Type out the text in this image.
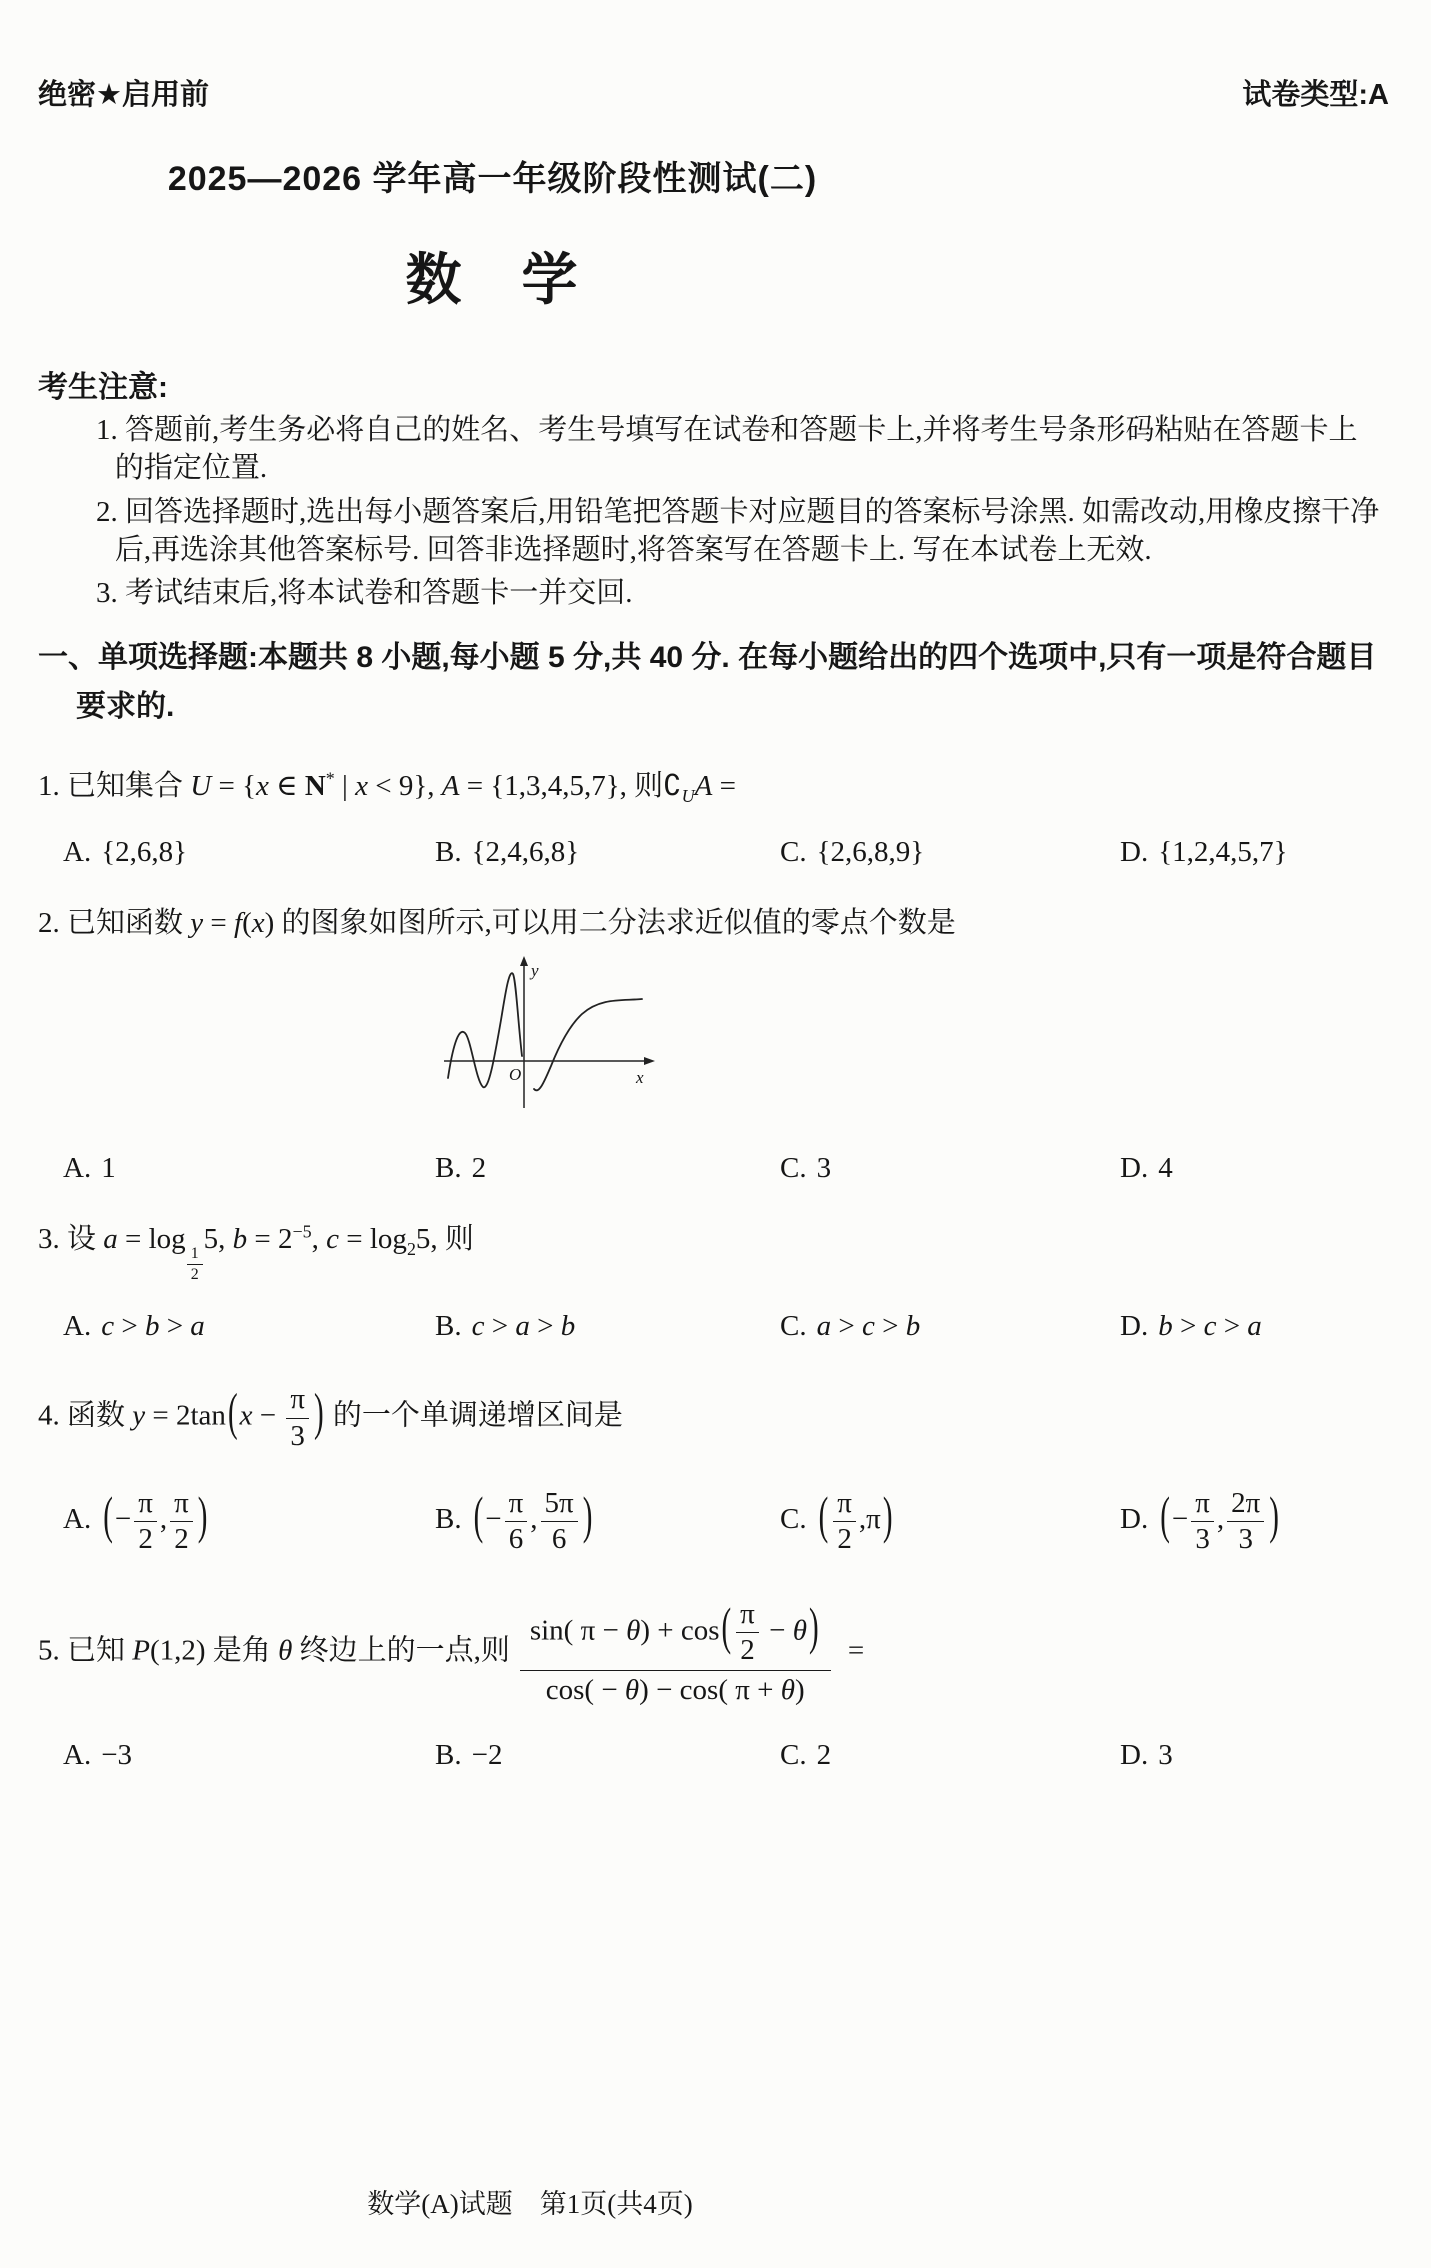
绝密★启用前	试卷类型:A
2025—2026 学年高一年级阶段性测试(二)
数　学
考生注意:

1. 答题前,考生务必将自己的姓名、考生号填写在试卷和答题卡上,并将考生号条形码粘贴在答题卡上的指定位置.

2. 回答选择题时,选出每小题答案后,用铅笔把答题卡对应题目的答案标号涂黑. 如需改动,用橡皮擦干净后,再选涂其他答案标号. 回答非选择题时,将答案写在答题卡上. 写在本试卷上无效.

3. 考试结束后,将本试卷和答题卡一并交回.

一、单项选择题:本题共 8 小题,每小题 5 分,共 40 分. 在每小题给出的四个选项中,只有一项是符合题目要求的.
1. 已知集合 U = {x ∈ N* | x < 9}, A = {1,3,4,5,7}, 则$∁_UA$ =
A. {2,6,8}	B. {2,4,6,8}	C. {2,6,8,9}	D. {1,2,4,5,7}
2. 已知函数 y = f(x) 的图象如图所示,可以用二分法求近似值的零点个数是
y
x
O
A. 1	B. 2	C. 3	D. 4
3. 设 a = log
$\frac{1}{2}$
5, $b = 2^{-5}$, $c = \log_25$, 则
A. c > b > a	B. c > a > b	C. a > c > b	D. b > c > a
4. 函数 $y = 2\tan(x - \frac{\pi}{3}$ ) 的一个单调递增区间是
A. (− $\frac{\pi}{2}$ , $\frac{\pi}{2}$ )	B. (− $\frac{\pi}{6}$ , $\frac{5\pi}{6}$ )	C. ( $\frac{\pi}{2} ,\pi$)	D. (− $\frac{\pi}{3}$ , $\frac{2\pi}{3}$ )
5. 已知 P(1,2) 是角 θ 终边上的一点,则 $\frac{\sin( \pi - \theta) + \cos( \frac{\pi}{2} - \theta)}{\cos( - \theta) - \cos( \pi + \theta)}$ =
A. −3	B. −2	C. 2	D. 3
数学(A)试题　第1页(共4页)
